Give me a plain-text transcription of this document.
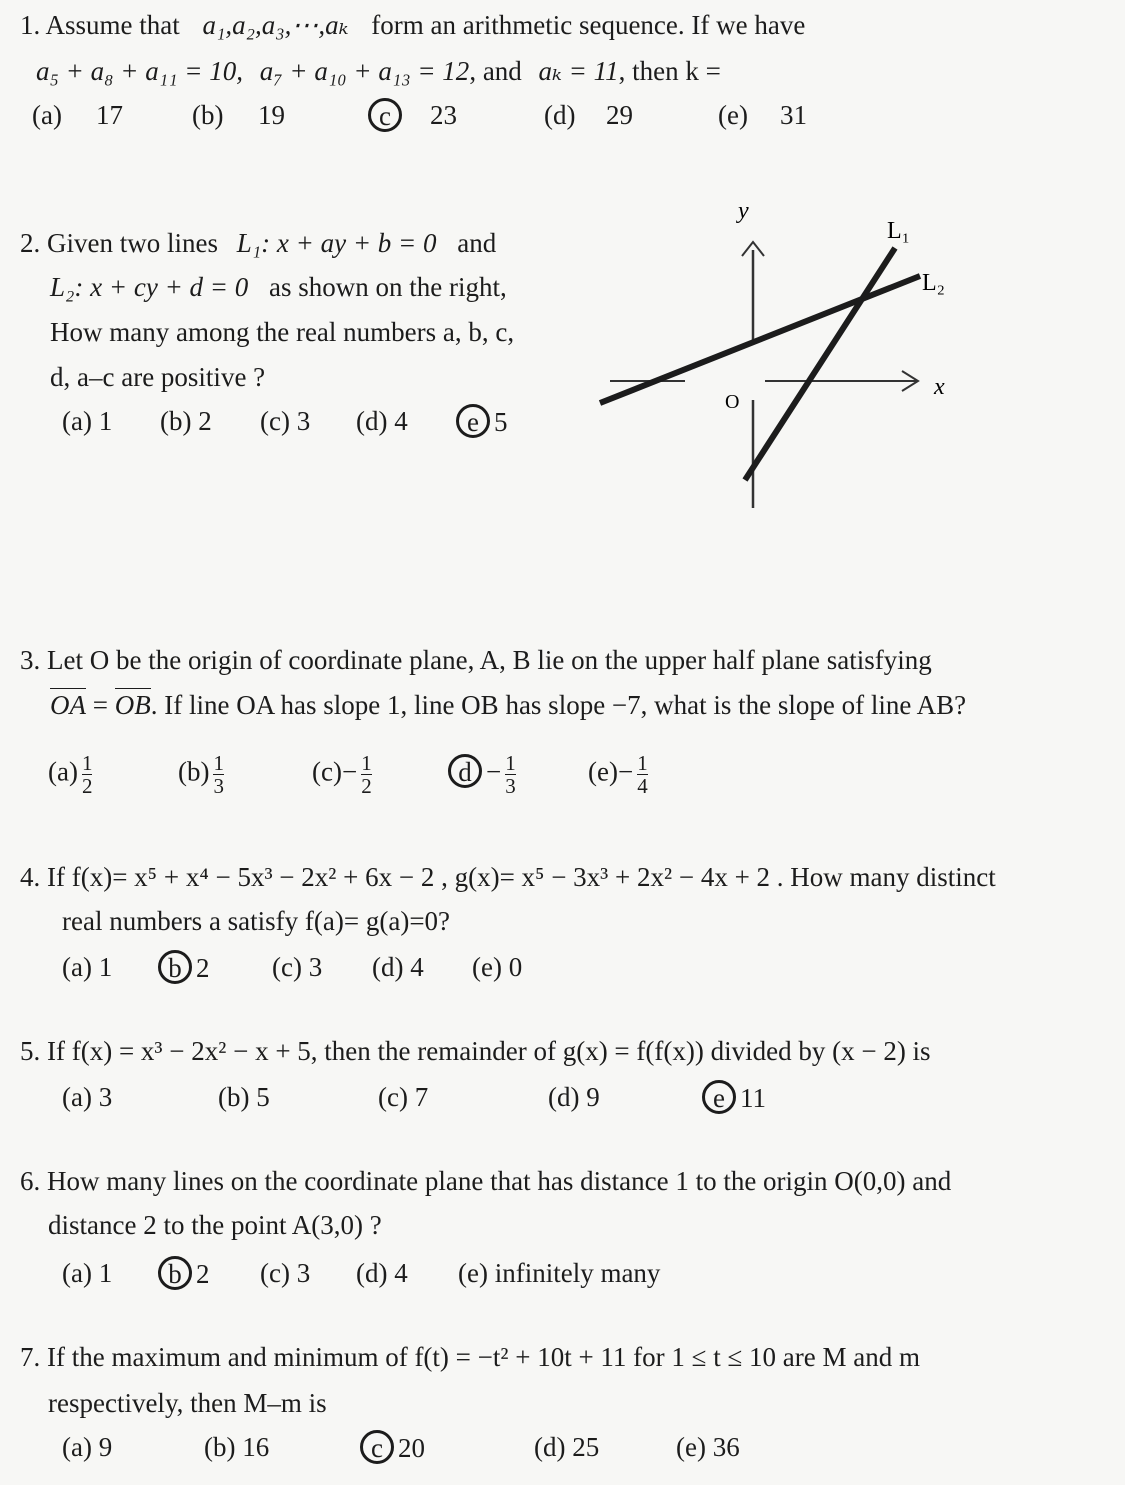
1. Assume that a₁,a₂,a₃,⋯,aₖ form an arithmetic sequence. If we have
a₅ + a₈ + a₁₁ = 10, a₇ + a₁₀ + a₁₃ = 12, and aₖ = 11, then k =
(a) 17	(b) 19	c	23	(d) 29	(e) 31
2. Given two lines L₁: x + ay + b = 0 and
L₂: x + cy + d = 0 as shown on the right,
How many among the real numbers a, b, c,
d, a–c are positive ?
(a) 1 (b) 2 (c) 3 (d) 4	e 5
y
x
O
L₁
L₂
3. Let O be the origin of coordinate plane, A, B lie on the upper half plane satisfying
OA = OB. If line OA has slope 1, line OB has slope −7, what is the slope of line AB?
$(a) \frac{1}{2}$	$(b) \frac{1}{3}$	$(c)- \frac{1}{2}$	$d - \frac{1}{3}$	$(e)- \frac{1}{4}$
4. If f(x)= x⁵ + x⁴ − 5x³ − 2x² + 6x − 2 , g(x)= x⁵ − 3x³ + 2x² − 4x + 2 . How many distinct
real numbers a satisfy f(a)= g(a)=0?
(a) 1	b 2 (c) 3 (d) 4 (e) 0
5. If f(x) = x³ − 2x² − x + 5, then the remainder of g(x) = f(f(x)) divided by (x − 2) is
(a) 3	(b) 5	(c) 7	(d) 9	e 11
6. How many lines on the coordinate plane that has distance 1 to the origin O(0,0) and
distance 2 to the point A(3,0) ?
(a) 1	b 2 (c) 3 (d) 4 (e) infinitely many
7. If the maximum and minimum of f(t) = −t² + 10t + 11 for 1 ≤ t ≤ 10 are M and m
respectively, then M–m is
(a) 9	(b) 16	c 20	(d) 25	(e) 36
